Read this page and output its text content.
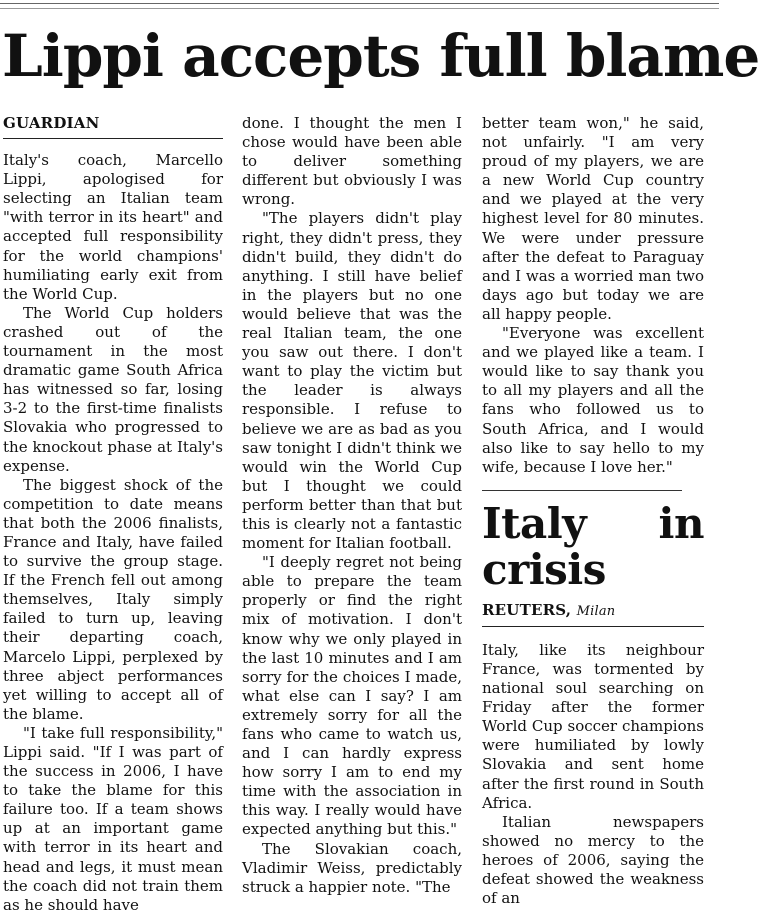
Lippi accepts full blame
GUARDIAN

Italy's coach, Marcello Lippi, apologised for selecting an Italian team "with terror in its heart" and accepted full responsibility for the world champions' humiliating early exit from the World Cup.

The World Cup holders crashed out of the tournament in the most dramatic game South Africa has witnessed so far, losing 3-2 to the first-time finalists Slovakia who progressed to the knockout phase at Italy's expense.

The biggest shock of the competition to date means that both the 2006 finalists, France and Italy, have failed to survive the group stage. If the French fell out among themselves, Italy simply failed to turn up, leaving their departing coach, Marcelo Lippi, perplexed by three abject performances yet willing to accept all of the blame.

"I take full responsibility," Lippi said. "If I was part of the success in 2006, I have to take the blame for this failure too. If a team shows up at an important game with terror in its heart and head and legs, it must mean the coach did not train them as he should have

done. I thought the men I chose would have been able to deliver something different but obviously I was wrong.

"The players didn't play right, they didn't press, they didn't build, they didn't do anything. I still have belief in the players but no one would believe that was the real Italian team, the one you saw out there. I don't want to play the victim but the leader is always responsible. I refuse to believe we are as bad as you saw tonight I didn't think we would win the World Cup but I thought we could perform better than that but this is clearly not a fantastic moment for Italian football.

"I deeply regret not being able to prepare the team properly or find the right mix of motivation. I don't know why we only played in the last 10 minutes and I am sorry for the choices I made, what else can I say? I am extremely sorry for all the fans who came to watch us, and I can hardly express how sorry I am to end my time with the association in this way. I really would have expected anything but this."

The Slovakian coach, Vladimir Weiss, predictably struck a happier note. "The

better team won," he said, not unfairly. "I am very proud of my players, we are a new World Cup country and we played at the very highest level for 80 minutes. We were under pressure after the defeat to Paraguay and I was a worried man two days ago but today we are all happy people.

"Everyone was excellent and we played like a team. I would like to say thank you to all my players and all the fans who followed us to South Africa, and I would also like to say hello to my wife, because I love her."

Italy in crisis
REUTERS, Milan

Italy, like its neighbour France, was tormented by national soul searching on Friday after the former World Cup soccer champions were humiliated by lowly Slovakia and sent home after the first round in South Africa.

Italian newspapers showed no mercy to the heroes of 2006, saying the defeat showed the weakness of an
